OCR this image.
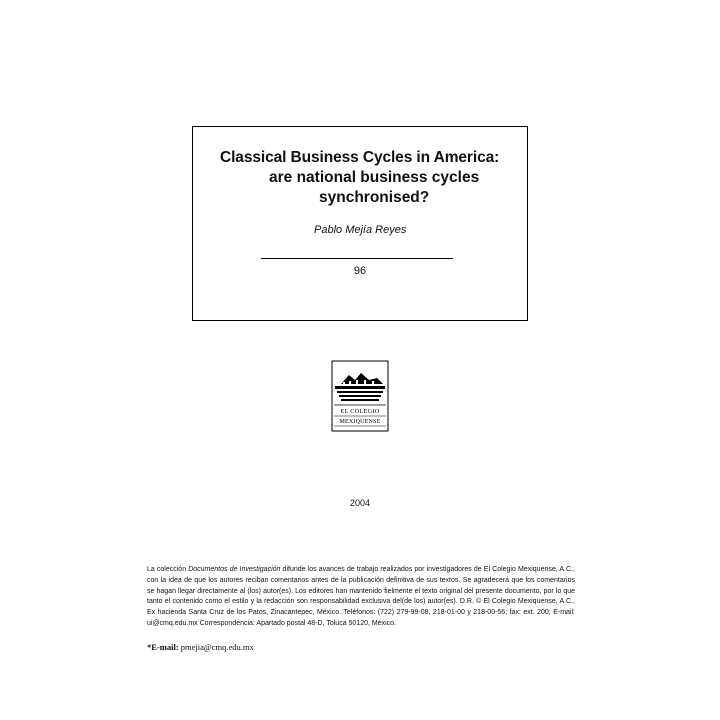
Classical Business Cycles in America:
are national business cycles
synchronised?
Pablo Mejía Reyes
96
EL COLEGIO
MEXIQUENSE
2004
La colección Documentos de Investigación difunde los avances de trabajo realizados por investigadores de El Colegio Mexiquense, A.C., con la idea de que los autores reciban comentarios antes de la publicación definitiva de sus textos. Se agradecerá que los comentarios se hagan llegar directamente al (los) autor(es). Los editores han mantenido fielmente el texto original del presente documento, por lo que tanto el contenido como el estilo y la redacción son responsabilidad exclusiva del(de los) autor(es). D.R. © El Colegio Mexiquense, A.C., Ex hacienda Santa Cruz de los Patos, Zinacantepec, México. Teléfonos: (722) 279-99-08, 218-01-00 y 218-00-56; fax: ext. 200; E-mail: ui@cmq.edu.mx Correspondencia: Apartado postal 48-D, Toluca 50120, México.
*E-mail: pmejia@cmq.edu.mx
